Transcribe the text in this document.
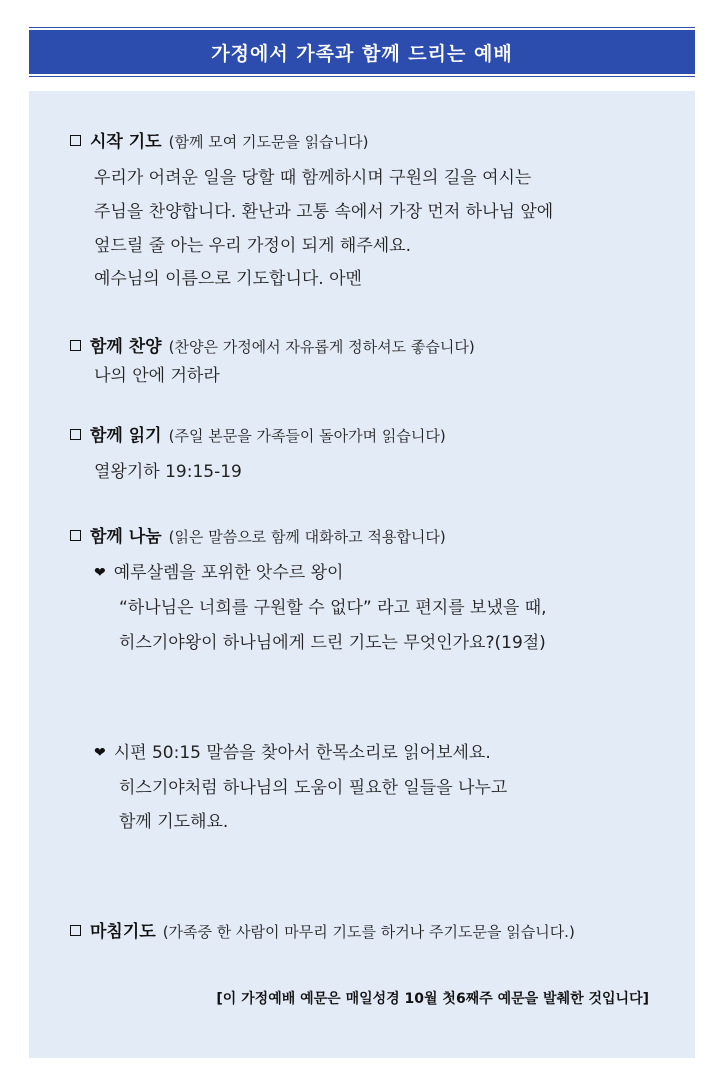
가정에서 가족과 함께 드리는 예배
시작 기도 (함께 모여 기도문을 읽습니다)
우리가 어려운 일을 당할 때 함께하시며 구원의 길을 여시는
주님을 찬양합니다. 환난과 고통 속에서 가장 먼저 하나님 앞에
엎드릴 줄 아는 우리 가정이 되게 해주세요.
예수님의 이름으로 기도합니다. 아멘
함께 찬양 (찬양은 가정에서 자유롭게 정하셔도 좋습니다)
나의 안에 거하라
함께 읽기 (주일 본문을 가족들이 돌아가며 읽습니다)
열왕기하 19:15-19
함께 나눔 (읽은 말씀으로 함께 대화하고 적용합니다)
❤ 예루살렘을 포위한 앗수르 왕이
“하나님은 너희를 구원할 수 없다” 라고 편지를 보냈을 때,
히스기야왕이 하나님에게 드린 기도는 무엇인가요?(19절)
❤ 시편 50:15 말씀을 찾아서 한목소리로 읽어보세요.
히스기야처럼 하나님의 도움이 필요한 일들을 나누고
함께 기도해요.
마침기도 (가족중 한 사람이 마무리 기도를 하거나 주기도문을 읽습니다.)
[이 가정예배 예문은 매일성경 10월 첫6째주 예문을 발췌한 것입니다]
